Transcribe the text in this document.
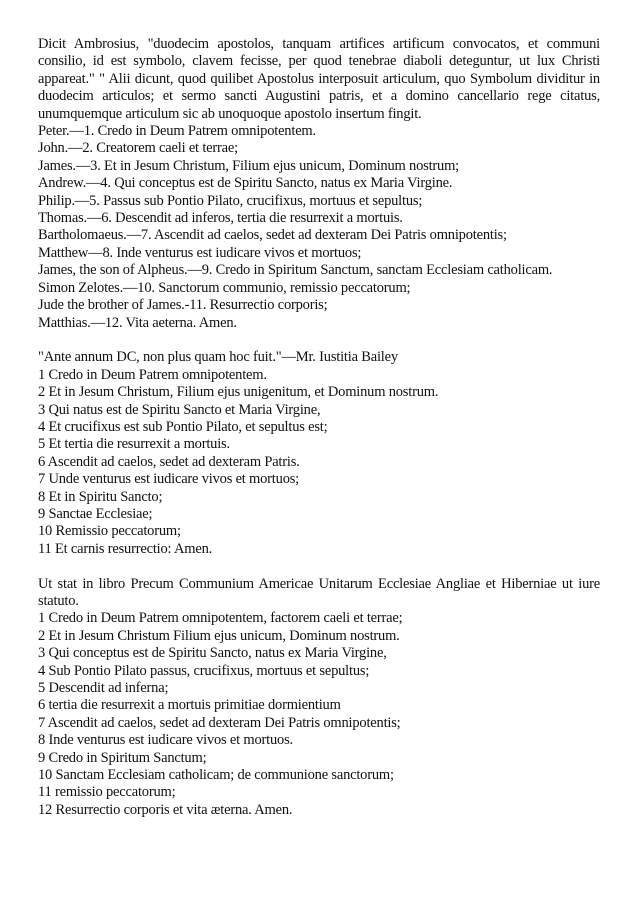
Dicit Ambrosius, "duodecim apostolos, tanquam artifices artificum convocatos, et communi consilio, id est symbolo, clavem fecisse, per quod tenebrae diaboli deteguntur, ut lux Christi appareat." " Alii dicunt, quod quilibet Apostolus interposuit articulum, quo Symbolum dividitur in duodecim articulos; et sermo sancti Augustini patris, et a domino cancellario rege citatus, unumquemque articulum sic ab unoquoque apostolo insertum fingit.

Peter.—1. Credo in Deum Patrem omnipotentem.

John.—2. Creatorem caeli et terrae;

James.—3. Et in Jesum Christum, Filium ejus unicum, Dominum nostrum;

Andrew.—4. Qui conceptus est de Spiritu Sancto, natus ex Maria Virgine.

Philip.—5. Passus sub Pontio Pilato, crucifixus, mortuus et sepultus;

Thomas.—6. Descendit ad inferos, tertia die resurrexit a mortuis.

Bartholomaeus.—7. Ascendit ad caelos, sedet ad dexteram Dei Patris omnipotentis;

Matthew—8. Inde venturus est iudicare vivos et mortuos;

James, the son of Alpheus.—9. Credo in Spiritum Sanctum, sanctam Ecclesiam catholicam.

Simon Zelotes.—10. Sanctorum communio, remissio peccatorum;

Jude the brother of James.-11. Resurrectio corporis;

Matthias.—12. Vita aeterna. Amen.

"Ante annum DC, non plus quam hoc fuit."—Mr. Iustitia Bailey

1 Credo in Deum Patrem omnipotentem.

2 Et in Jesum Christum, Filium ejus unigenitum, et Dominum nostrum.

3 Qui natus est de Spiritu Sancto et Maria Virgine,

4 Et crucifixus est sub Pontio Pilato, et sepultus est;

5 Et tertia die resurrexit a mortuis.

6 Ascendit ad caelos, sedet ad dexteram Patris.

7 Unde venturus est iudicare vivos et mortuos;

8 Et in Spiritu Sancto;

9 Sanctae Ecclesiae;

10 Remissio peccatorum;

11 Et carnis resurrectio: Amen.

Ut stat in libro Precum Communium Americae Unitarum Ecclesiae Angliae et Hiberniae ut iure statuto.

1 Credo in Deum Patrem omnipotentem, factorem caeli et terrae;

2 Et in Jesum Christum Filium ejus unicum, Dominum nostrum.

3 Qui conceptus est de Spiritu Sancto, natus ex Maria Virgine,

4 Sub Pontio Pilato passus, crucifixus, mortuus et sepultus;

5 Descendit ad inferna;

6 tertia die resurrexit a mortuis primitiae dormientium

7 Ascendit ad caelos, sedet ad dexteram Dei Patris omnipotentis;

8 Inde venturus est iudicare vivos et mortuos.

9 Credo in Spiritum Sanctum;

10 Sanctam Ecclesiam catholicam; de communione sanctorum;

11 remissio peccatorum;

12 Resurrectio corporis et vita æterna. Amen.
